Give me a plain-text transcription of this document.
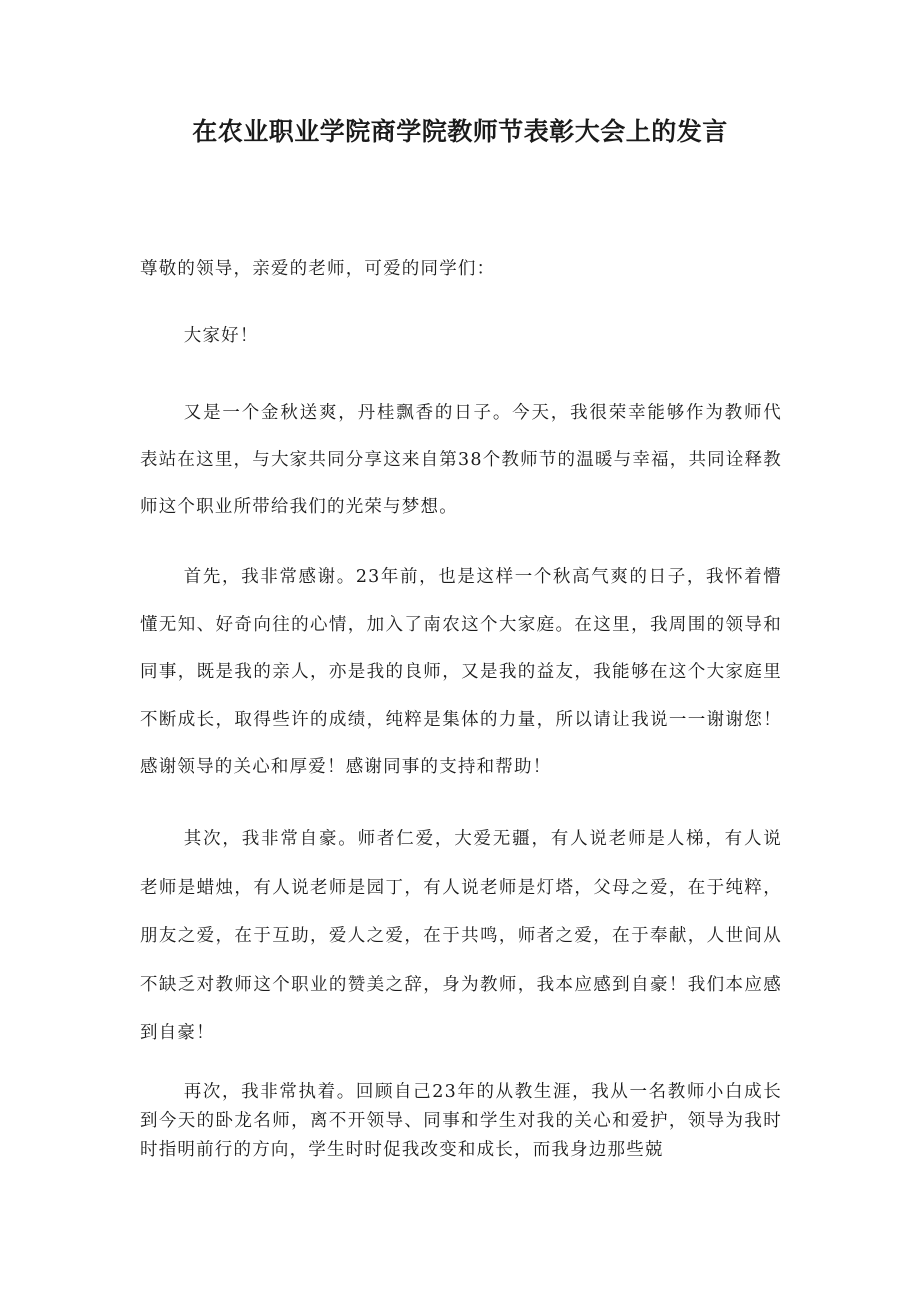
在农业职业学院商学院教师节表彰大会上的发言

尊敬的领导，亲爱的老师，可爱的同学们：

大家好！

又是一个金秋送爽，丹桂飘香的日子。今天，我很荣幸能够作为教师代表站在这里，与大家共同分享这来自第38个教师节的温暖与幸福，共同诠释教师这个职业所带给我们的光荣与梦想。

首先，我非常感谢。23年前，也是这样一个秋高气爽的日子，我怀着懵懂无知、好奇向往的心情，加入了南农这个大家庭。在这里，我周围的领导和同事，既是我的亲人，亦是我的良师，又是我的益友，我能够在这个大家庭里不断成长，取得些许的成绩，纯粹是集体的力量，所以请让我说一一谢谢您！感谢领导的关心和厚爱！感谢同事的支持和帮助！

其次，我非常自豪。师者仁爱，大爱无疆，有人说老师是人梯，有人说老师是蜡烛，有人说老师是园丁，有人说老师是灯塔，父母之爱，在于纯粹，朋友之爱，在于互助，爱人之爱，在于共鸣，师者之爱，在于奉献，人世间从不缺乏对教师这个职业的赞美之辞，身为教师，我本应感到自豪！我们本应感到自豪！

再次，我非常执着。回顾自己23年的从教生涯，我从一名教师小白成长到今天的卧龙名师，离不开领导、同事和学生对我的关心和爱护，领导为我时时指明前行的方向，学生时时促我改变和成长，而我身边那些兢
